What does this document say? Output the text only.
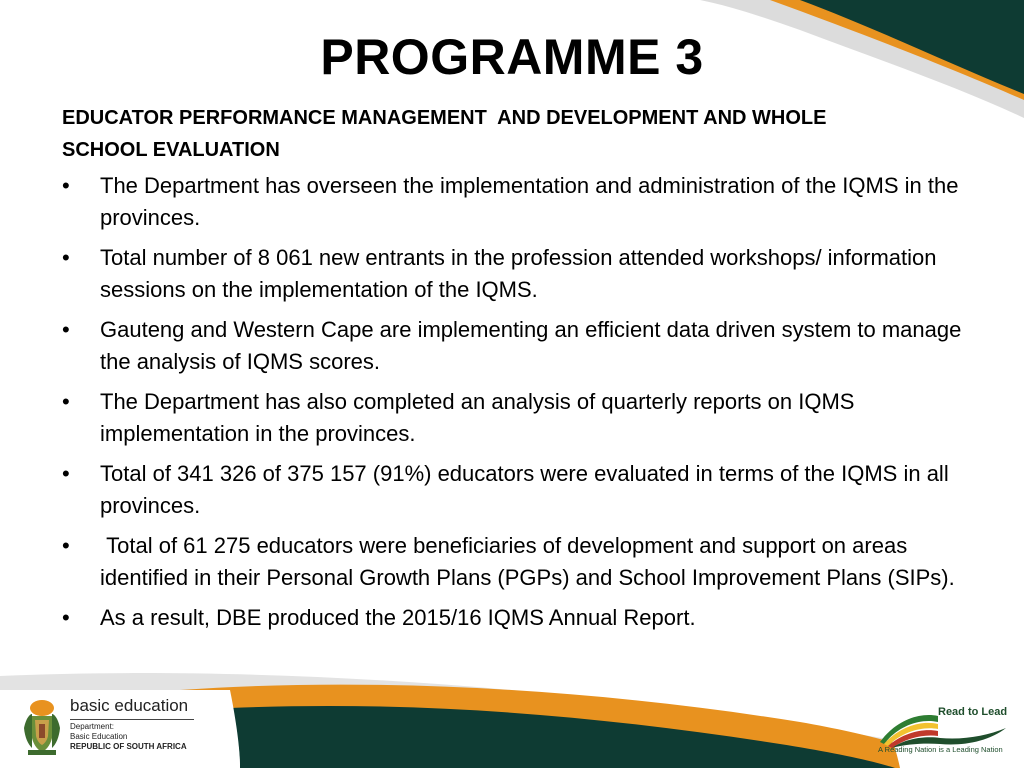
PROGRAMME 3
EDUCATOR PERFORMANCE MANAGEMENT  AND DEVELOPMENT AND WHOLE
SCHOOL EVALUATION
• The Department has overseen the implementation and administration of the IQMS in the provinces.
• Total number of 8 061 new entrants in the profession attended workshops/ information sessions on the implementation of the IQMS.
• Gauteng and Western Cape are implementing an efficient data driven system to manage the analysis of IQMS scores.
• The Department has also completed an analysis of quarterly reports on IQMS implementation in the provinces.
• Total of 341 326 of 375 157 (91%) educators were evaluated in terms of the IQMS in all provinces.
• Total of 61 275 educators were beneficiaries of development and support on areas identified in their Personal Growth Plans (PGPs) and School Improvement Plans (SIPs).
• As a result, DBE produced the 2015/16 IQMS Annual Report.
basic education
Department:
Basic Education
REPUBLIC OF SOUTH AFRICA
Read to Lead
A Reading Nation is a Leading Nation
